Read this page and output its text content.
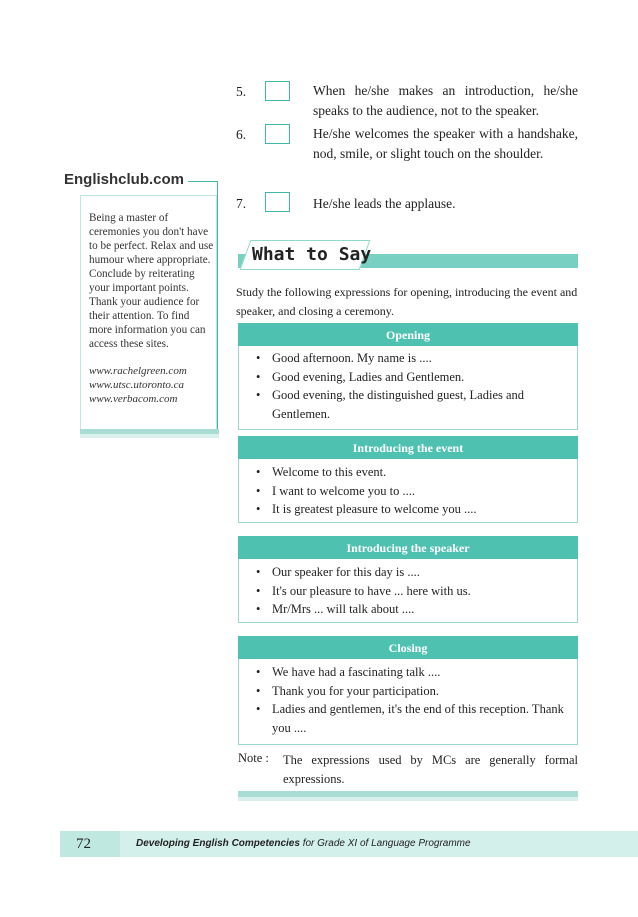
5.	When he/she makes an introduction, he/she speaks to the audience, not to the speaker.
6.	He/she welcomes the speaker with a handshake, nod, smile, or slight touch on the shoulder.
7.	He/she leads the applause.
Englishclub.com
Being a master of ceremonies you don't have to be perfect. Relax and use humour where appropriate. Conclude by reiterating your important points. Thank your audience for their attention. To find more information you can access these sites.
www.rachelgreen.com
www.utsc.utoronto.ca
www.verbacom.com
What to Say
Study the following expressions for opening, introducing the event and speaker, and closing a ceremony.
Opening
• Good afternoon. My name is ....
• Good evening, Ladies and Gentlemen.
• Good evening, the distinguished guest, Ladies and Gentlemen.
Introducing the event
• Welcome to this event.
• I want to welcome you to ....
• It is greatest pleasure to welcome you ....
Introducing the speaker
• Our speaker for this day is ....
• It's our pleasure to have ... here with us.
• Mr/Mrs ... will talk about ....
Closing
• We have had a fascinating talk ....
• Thank you for your participation.
• Ladies and gentlemen, it's the end of this reception. Thank you ....
Note : The expressions used by MCs are generally formal expressions.
72	Developing English Competencies for Grade XI of Language Programme
